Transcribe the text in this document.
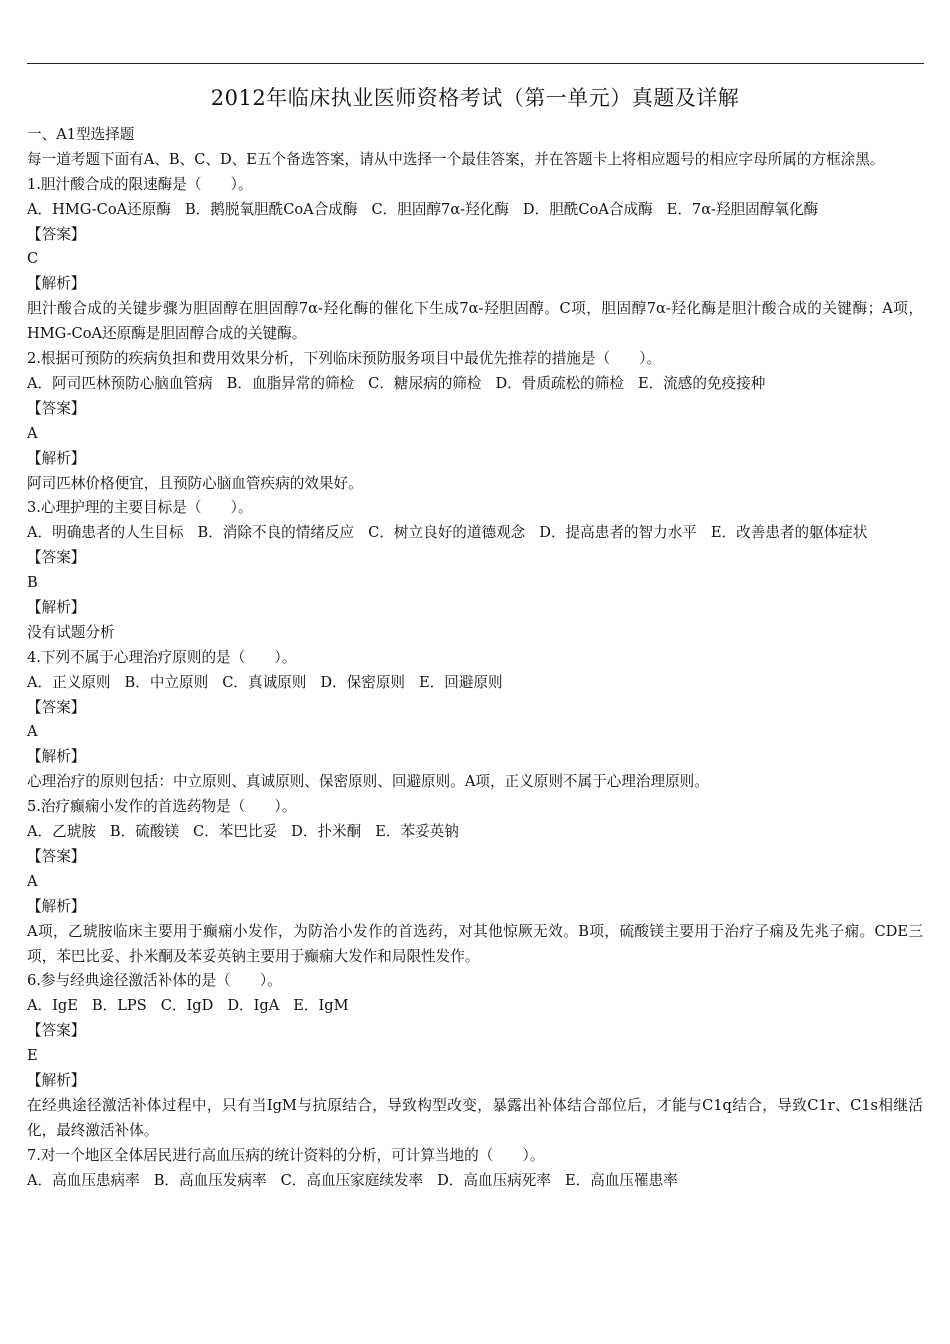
2012年临床执业医师资格考试（第一单元）真题及详解
一、A1型选择题
每一道考题下面有A、B、C、D、E五个备选答案，请从中选择一个最佳答案，并在答题卡上将相应题号的相应字母所属的方框涂黑。
1.胆汁酸合成的限速酶是（　　）。
A．HMG-CoA还原酶 B．鹅脱氧胆酰CoA合成酶 C．胆固醇7α-羟化酶 D．胆酰CoA合成酶 E．7α-羟胆固醇氧化酶
【答案】
C
【解析】
胆汁酸合成的关键步骤为胆固醇在胆固醇7α-羟化酶的催化下生成7α-羟胆固醇。C项，胆固醇7α-羟化酶是胆汁酸合成的关键酶；A项，HMG-CoA还原酶是胆固醇合成的关键酶。
2.根据可预防的疾病负担和费用效果分析，下列临床预防服务项目中最优先推荐的措施是（　　）。
A．阿司匹林预防心脑血管病 B．血脂异常的筛检 C．糖尿病的筛检 D．骨质疏松的筛检 E．流感的免疫接种
【答案】
A
【解析】
阿司匹林价格便宜，且预防心脑血管疾病的效果好。
3.心理护理的主要目标是（　　）。
A．明确患者的人生目标 B．消除不良的情绪反应 C．树立良好的道德观念 D．提高患者的智力水平 E．改善患者的躯体症状
【答案】
B
【解析】
没有试题分析
4.下列不属于心理治疗原则的是（　　）。
A．正义原则 B．中立原则 C．真诚原则 D．保密原则 E．回避原则
【答案】
A
【解析】
心理治疗的原则包括：中立原则、真诚原则、保密原则、回避原则。A项，正义原则不属于心理治理原则。
5.治疗癫痫小发作的首选药物是（　　）。
A．乙琥胺 B．硫酸镁 C．苯巴比妥 D．扑米酮 E．苯妥英钠
【答案】
A
【解析】
A项，乙琥胺临床主要用于癫痫小发作，为防治小发作的首选药，对其他惊厥无效。B项，硫酸镁主要用于治疗子痫及先兆子痫。CDE三项，苯巴比妥、扑米酮及苯妥英钠主要用于癫痫大发作和局限性发作。
6.参与经典途径激活补体的是（　　）。
A．IgE B．LPS C．IgD D．IgA E．IgM
【答案】
E
【解析】
在经典途径激活补体过程中，只有当IgM与抗原结合，导致构型改变，暴露出补体结合部位后，才能与C1q结合，导致C1r、C1s相继活化，最终激活补体。
7.对一个地区全体居民进行高血压病的统计资料的分析，可计算当地的（　　）。
A．高血压患病率 B．高血压发病率 C．高血压家庭续发率 D．高血压病死率 E．高血压罹患率
